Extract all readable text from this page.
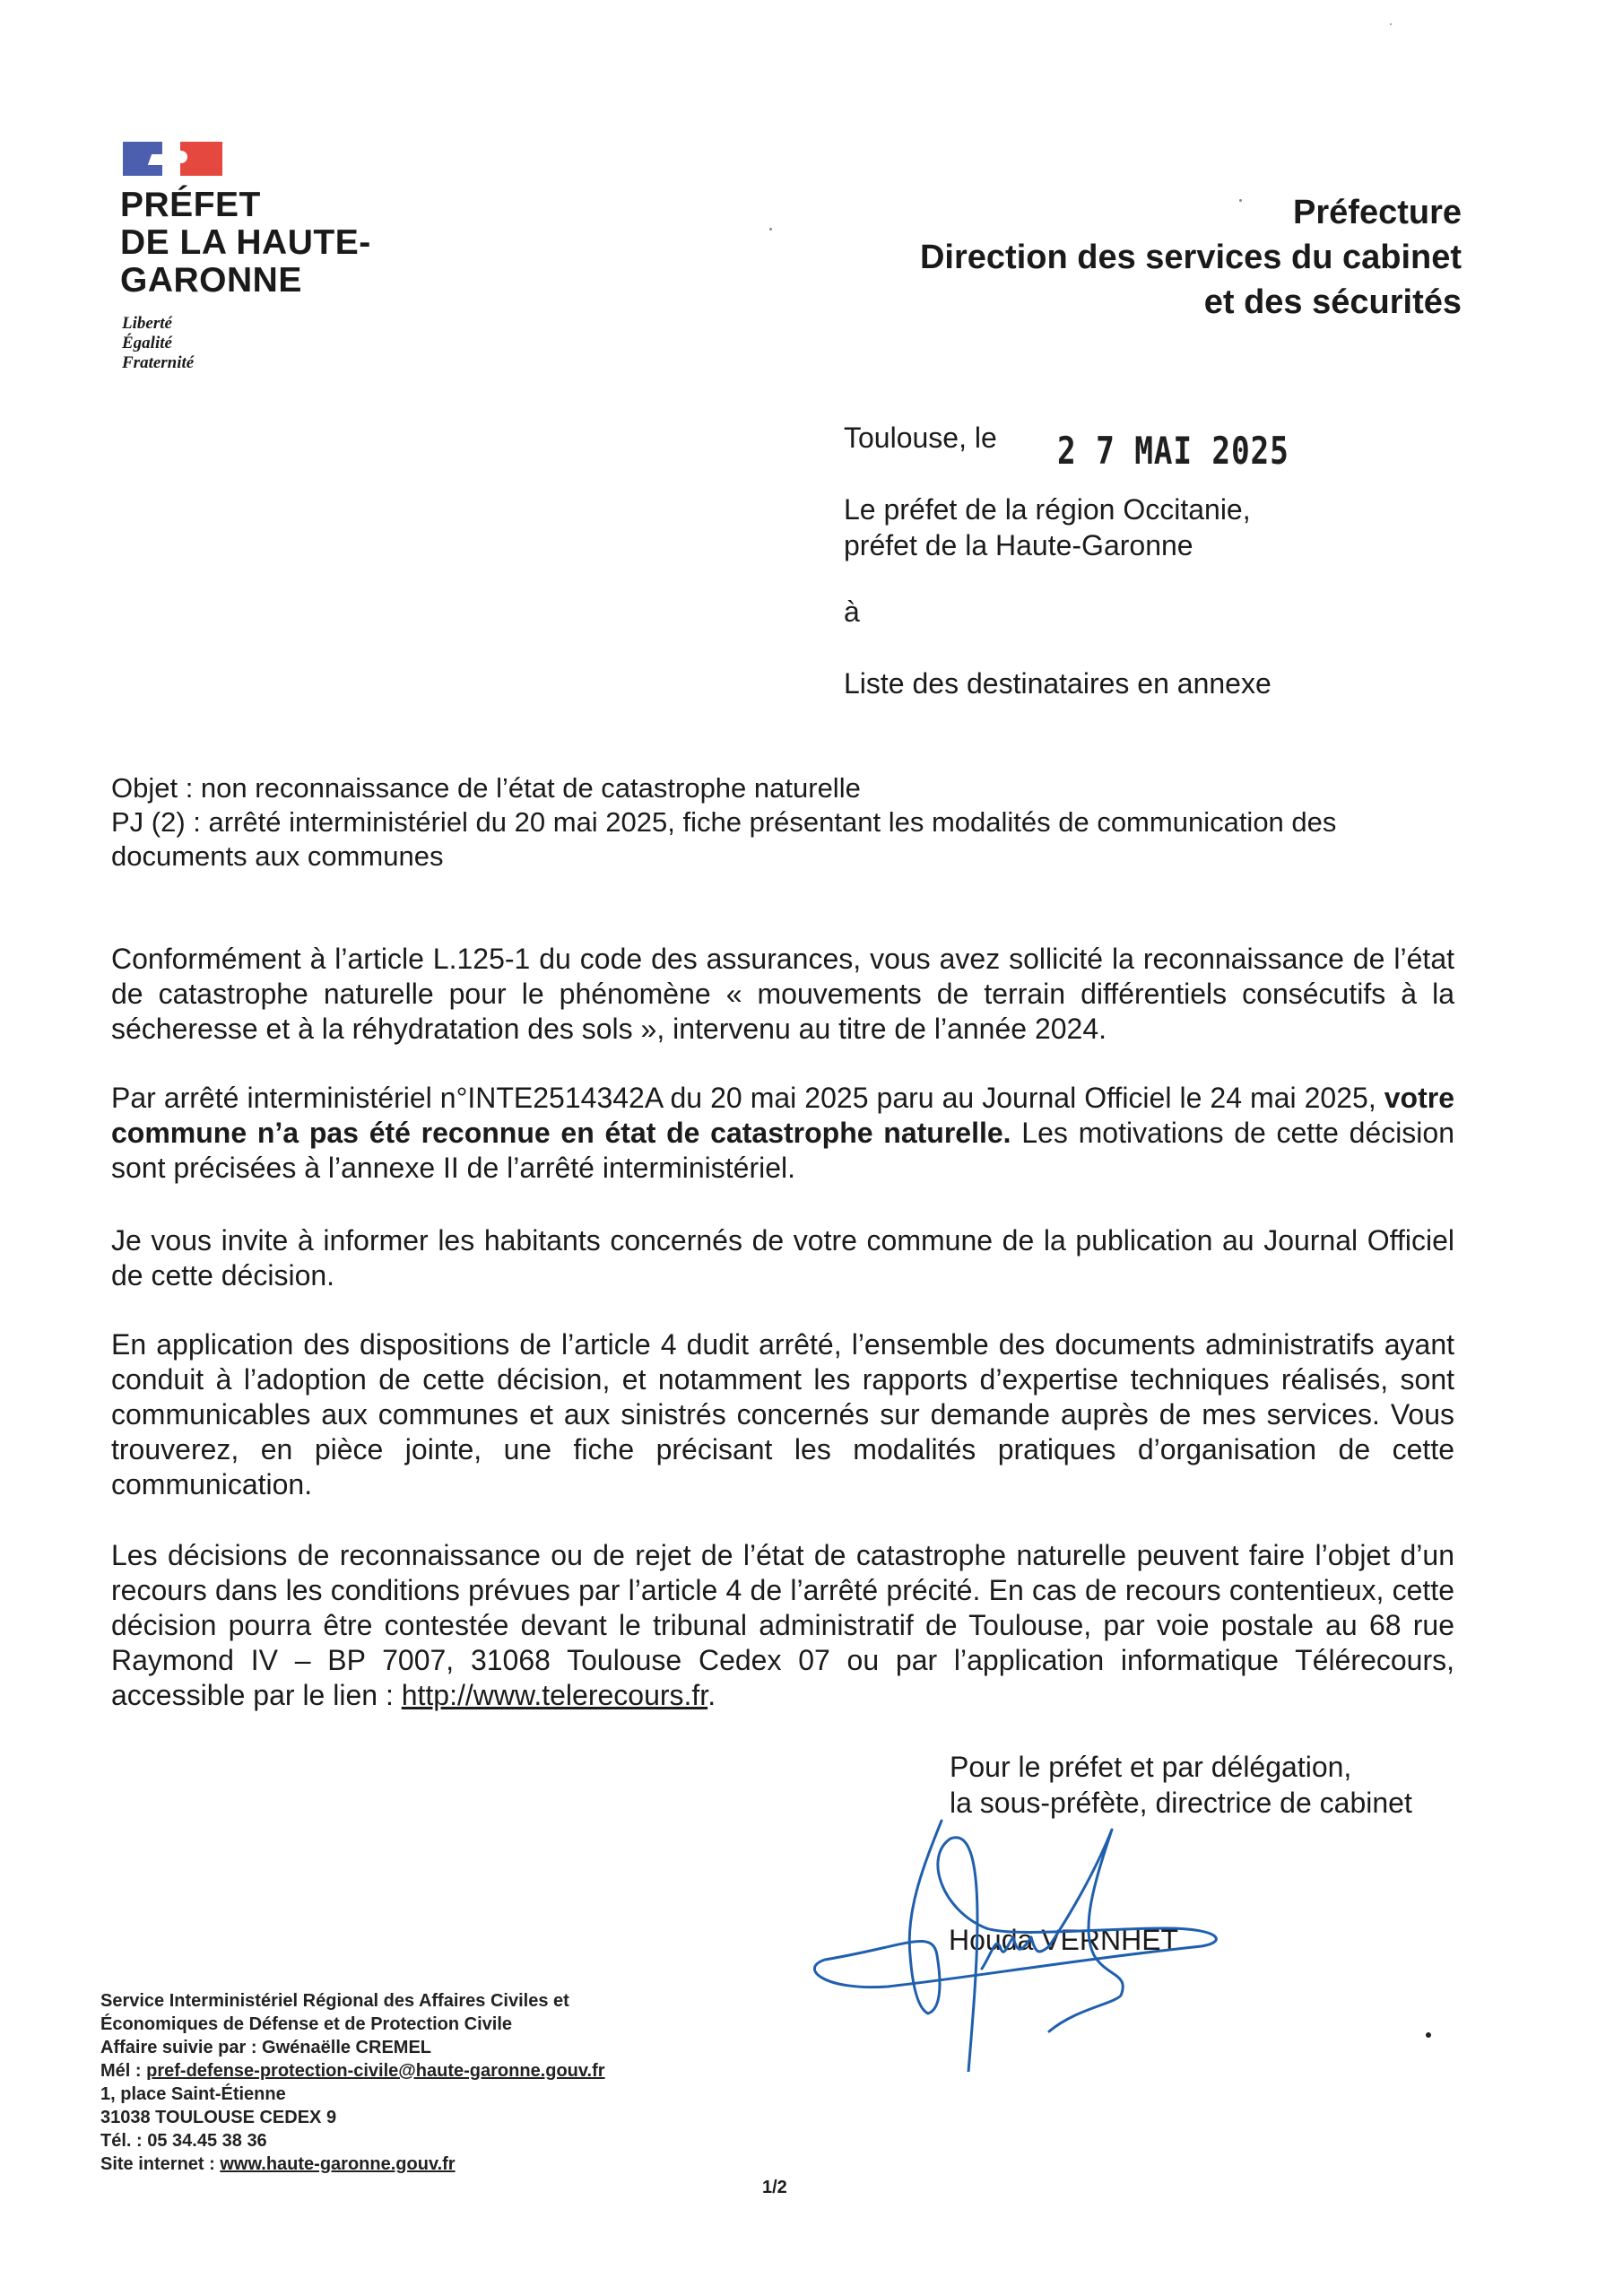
PRÉFET
DE LA HAUTE-
GARONNE
Liberté
Égalité
Fraternité
Préfecture
Direction des services du cabinet
et des sécurités
Toulouse, le 2 7 MAI 2025
Le préfet de la région Occitanie,
préfet de la Haute-Garonne
à
Liste des destinataires en annexe
Objet : non reconnaissance de l’état de catastrophe naturelle
PJ (2) : arrêté interministériel du 20 mai 2025, fiche présentant les modalités de communication des documents aux communes
Conformément à l’article L.125-1 du code des assurances, vous avez sollicité la reconnaissance de l’état de catastrophe naturelle pour le phénomène « mouvements de terrain différentiels consécutifs à la sécheresse et à la réhydratation des sols », intervenu au titre de l’année 2024.
Par arrêté interministériel n°INTE2514342A du 20 mai 2025 paru au Journal Officiel le 24 mai 2025, votre commune n’a pas été reconnue en état de catastrophe naturelle. Les motivations de cette décision sont précisées à l’annexe II de l’arrêté interministériel.
Je vous invite à informer les habitants concernés de votre commune de la publication au Journal Officiel de cette décision.
En application des dispositions de l’article 4 dudit arrêté, l’ensemble des documents administratifs ayant conduit à l’adoption de cette décision, et notamment les rapports d’expertise techniques réalisés, sont communicables aux communes et aux sinistrés concernés sur demande auprès de mes services. Vous trouverez, en pièce jointe, une fiche précisant les modalités pratiques d’organisation de cette communication.
Les décisions de reconnaissance ou de rejet de l’état de catastrophe naturelle peuvent faire l’objet d’un recours dans les conditions prévues par l’article 4 de l’arrêté précité. En cas de recours contentieux, cette décision pourra être contestée devant le tribunal administratif de Toulouse, par voie postale au 68 rue Raymond IV – BP 7007, 31068 Toulouse Cedex 07 ou par l’application informatique Télérecours, accessible par le lien : http://www.telerecours.fr.
Pour le préfet et par délégation,
la sous-préfète, directrice de cabinet
Houda VERNHET
Service Interministériel Régional des Affaires Civiles et
Économiques de Défense et de Protection Civile
Affaire suivie par : Gwénaëlle CREMEL
Mél : pref-defense-protection-civile@haute-garonne.gouv.fr
1, place Saint-Étienne
31038 TOULOUSE CEDEX 9
Tél. : 05 34.45 38 36
Site internet : www.haute-garonne.gouv.fr
1/2
